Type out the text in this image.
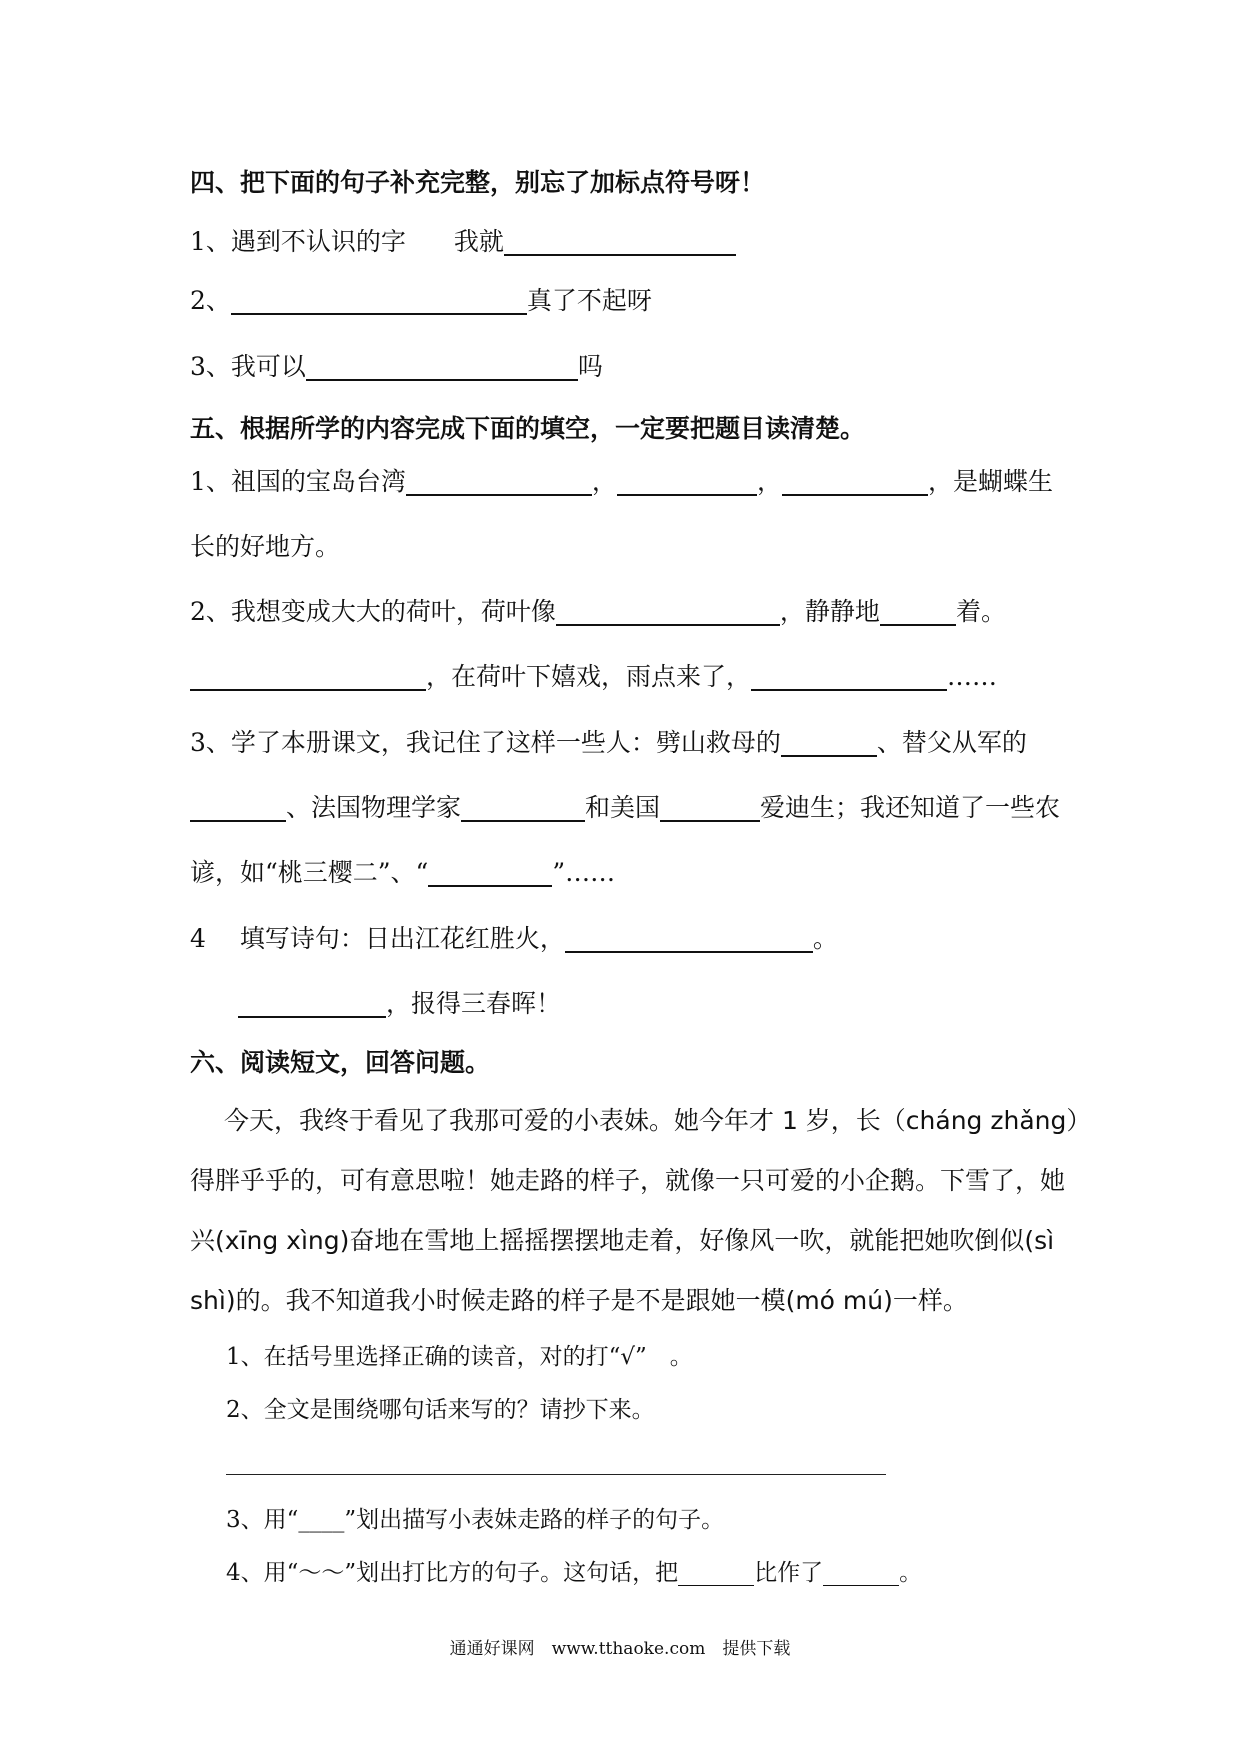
四、把下面的句子补充完整，别忘了加标点符号呀！
1、遇到不认识的字 我就
2、	真了不起呀
3、我可以	吗
五、根据所学的内容完成下面的填空，一定要把题目读清楚。
1、祖国的宝岛台湾	，	，	，是蝴蝶生
长的好地方。
2、我想变成大大的荷叶，荷叶像	，静静地	着。
，在荷叶下嬉戏，雨点来了，	……
3、学了本册课文，我记住了这样一些人：劈山救母的	、替父从军的
、法国物理学家	和美国	爱迪生；我还知道了一些农
谚，如“桃三樱二”、“	”……
4 填写诗句：日出江花红胜火，	。
，报得三春晖！
六、阅读短文，回答问题。
今天，我终于看见了我那可爱的小表妹。她今年才 1 岁，长（cháng zhǎng）
得胖乎乎的，可有意思啦！她走路的样子，就像一只可爱的小企鹅。下雪了，她
兴(xīng xìng)奋地在雪地上摇摇摆摆地走着，好像风一吹，就能把她吹倒似(sì
shì)的。我不知道我小时候走路的样子是不是跟她一模(mó mú)一样。
1、在括号里选择正确的读音，对的打“√”　。
2、全文是围绕哪句话来写的？请抄下来。
3、用“____”划出描写小表妹走路的样子的句子。
4、用“～～”划出打比方的句子。这句话，把	比作了	。
通通好课网　www.tthaoke.com　提供下载
